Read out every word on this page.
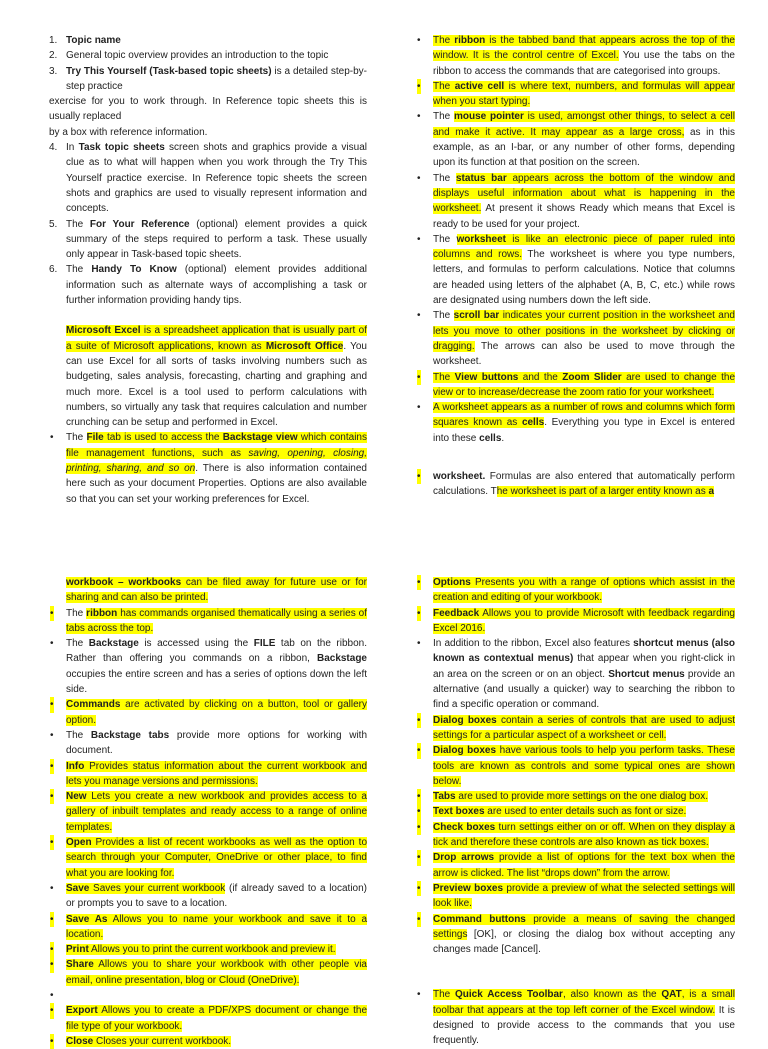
1. Topic name
2. General topic overview provides an introduction to the topic
3. Try This Yourself (Task-based topic sheets) is a detailed step-by-step practice
exercise for you to work through. In Reference topic sheets this is usually replaced
by a box with reference information.
4. In Task topic sheets screen shots and graphics provide a visual clue as to what will happen when you work through the Try This Yourself practice exercise. In Reference topic sheets the screen shots and graphics are used to visually represent information and concepts.
5. The For Your Reference (optional) element provides a quick summary of the steps required to perform a task. These usually only appear in Task-based topic sheets.
6. The Handy To Know (optional) element provides additional information such as alternate ways of accomplishing a task or further information providing handy tips.

Microsoft Excel is a spreadsheet application that is usually part of a suite of Microsoft applications, known as Microsoft Office. You can use Excel for all sorts of tasks involving numbers such as budgeting, sales analysis, forecasting, charting and graphing and much more. Excel is a tool used to perform calculations with numbers, so virtually any task that requires calculation and number crunching can be setup and performed in Excel.

• The File tab is used to access the Backstage view which contains file management functions, such as saving, opening, closing, printing, sharing, and so on. There is also information contained here such as your document Properties. Options are also available so that you can set your working preferences for Excel.
• The ribbon is the tabbed band that appears across the top of the window. It is the control centre of Excel. You use the tabs on the ribbon to access the commands that are categorised into groups.
• The active cell is where text, numbers, and formulas will appear when you start typing.
• The mouse pointer is used, amongst other things, to select a cell and make it active. It may appear as a large cross, as in this example, as an I-bar, or any number of other forms, depending upon its function at that position on the screen.
• The status bar appears across the bottom of the window and displays useful information about what is happening in the worksheet. At present it shows Ready which means that Excel is ready to be used for your project.
• The worksheet is like an electronic piece of paper ruled into columns and rows. The worksheet is where you type numbers, letters, and formulas to perform calculations. Notice that columns are headed using letters of the alphabet (A, B, C, etc.) while rows are designated using numbers down the left side.
• The scroll bar indicates your current position in the worksheet and lets you move to other positions in the worksheet by clicking or dragging. The arrows can also be used to move through the worksheet.
• The View buttons and the Zoom Slider are used to change the view or to increase/decrease the zoom ratio for your worksheet.
• A worksheet appears as a number of rows and columns which form squares known as cells. Everything you type in Excel is entered into these cells.
• worksheet. Formulas are also entered that automatically perform calculations. The worksheet is part of a larger entity known as a

workbook – workbooks can be filed away for future use or for sharing and can also be printed.

• The ribbon has commands organised thematically using a series of tabs across the top.
• The Backstage is accessed using the FILE tab on the ribbon. Rather than offering you commands on a ribbon, Backstage occupies the entire screen and has a series of options down the left side.
• Commands are activated by clicking on a button, tool or gallery option.
• The Backstage tabs provide more options for working with document.
• Info Provides status information about the current workbook and lets you manage versions and permissions.
• New Lets you create a new workbook and provides access to a gallery of inbuilt templates and ready access to a range of online templates.
• Open Provides a list of recent workbooks as well as the option to search through your Computer, OneDrive or other place, to find what you are looking for.
• Save Saves your current workbook (if already saved to a location) or prompts you to save to a location.
• Save As Allows you to name your workbook and save it to a location.
• Print Allows you to print the current workbook and preview it.
• Share Allows you to share your workbook with other people via email, online presentation, blog or Cloud (OneDrive).
•

• Export Allows you to create a PDF/XPS document or change the file type of your workbook.
• Close Closes your current workbook.
• Options Presents you with a range of options which assist in the creation and editing of your workbook.
• Feedback Allows you to provide Microsoft with feedback regarding Excel 2016.
• In addition to the ribbon, Excel also features shortcut menus (also known as contextual menus) that appear when you right-click in an area on the screen or on an object. Shortcut menus provide an alternative (and usually a quicker) way to searching the ribbon to find a specific operation or command.
• Dialog boxes contain a series of controls that are used to adjust settings for a particular aspect of a worksheet or cell.
• Dialog boxes have various tools to help you perform tasks. These tools are known as controls and some typical ones are shown below.
• Tabs are used to provide more settings on the one dialog box.
• Text boxes are used to enter details such as font or size.
• Check boxes turn settings either on or off. When on they display a tick and therefore these controls are also known as tick boxes.
• Drop arrows provide a list of options for the text box when the arrow is clicked. The list “drops down” from the arrow.
• Preview boxes provide a preview of what the selected settings will look like.
• Command buttons provide a means of saving the changed settings [OK], or closing the dialog box without accepting any changes made [Cancel].
• The Quick Access Toolbar, also known as the QAT, is a small toolbar that appears at the top left corner of the Excel window. It is designed to provide access to the commands that you use frequently.
